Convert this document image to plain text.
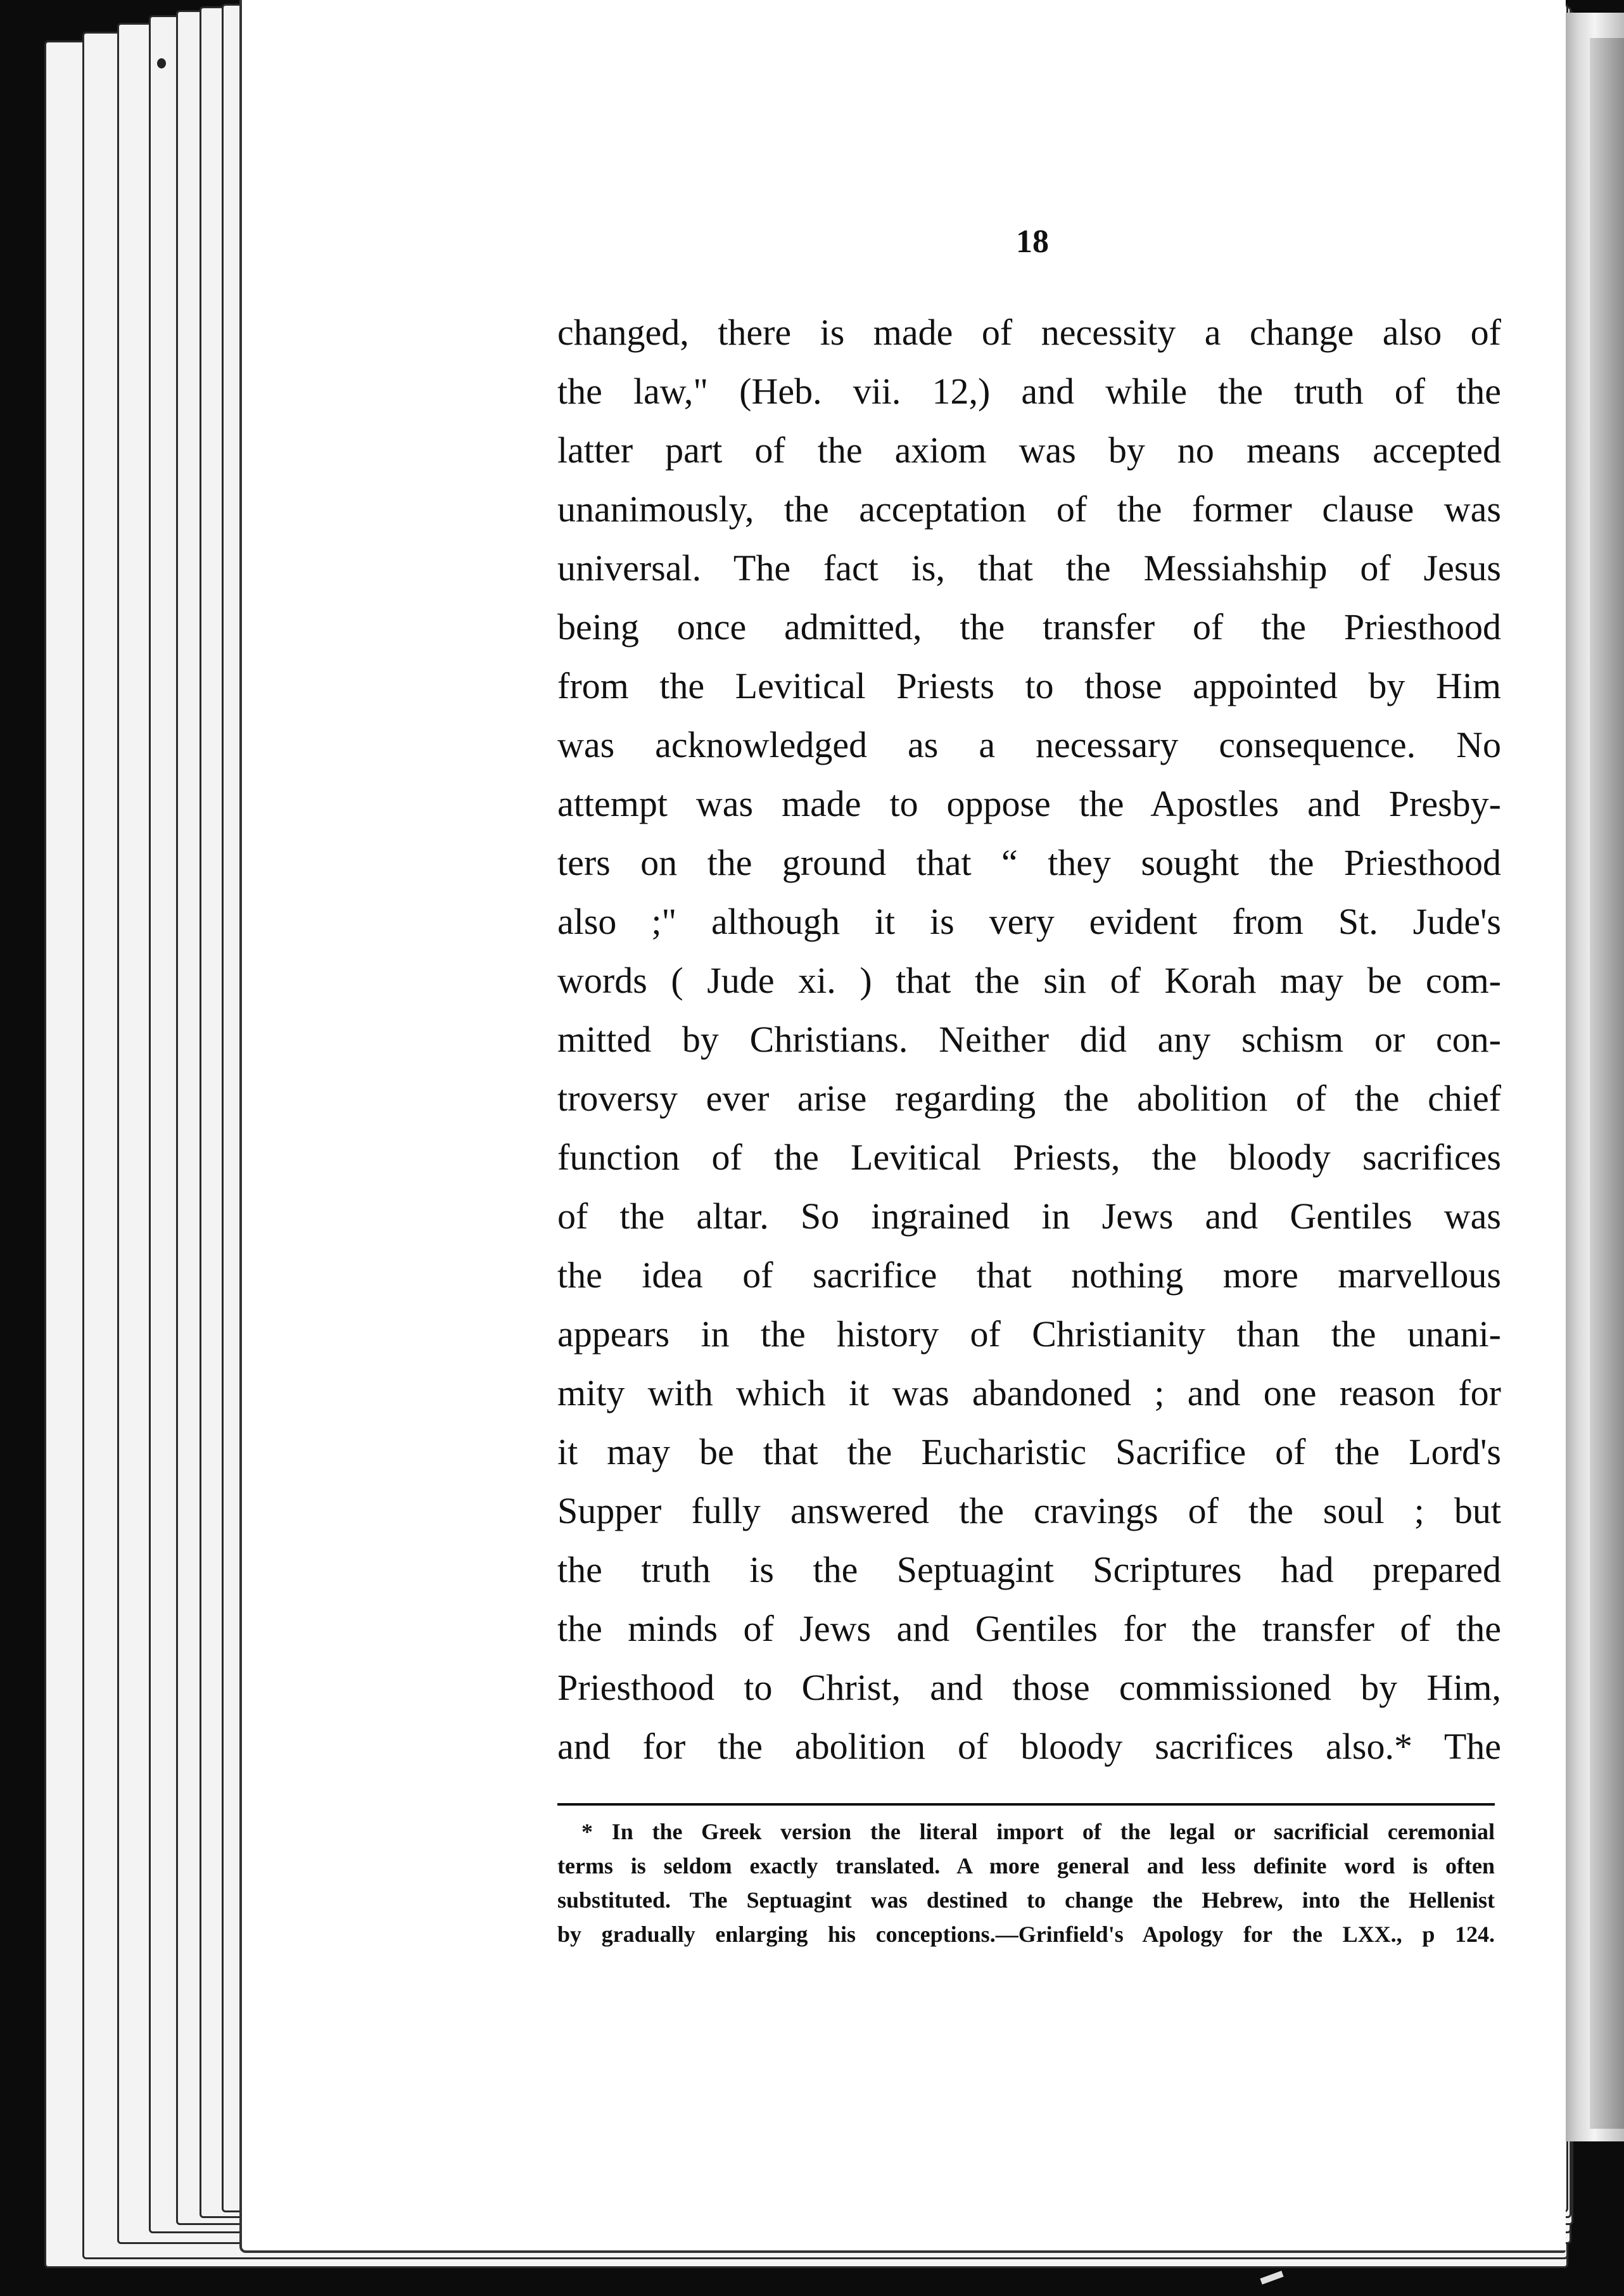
18
changed, there is made of necessity a change also of
the law," (Heb. vii. 12,) and while the truth of the
latter part of the axiom was by no means accepted
unanimously, the acceptation of the former clause was
universal. The fact is, that the Messiahship of Jesus
being once admitted, the transfer of the Priesthood
from the Levitical Priests to those appointed by Him
was acknowledged as a necessary consequence. No
attempt was made to oppose the Apostles and Presby-
ters on the ground that “ they sought the Priesthood
also ;" although it is very evident from St. Jude's
words ( Jude xi. ) that the sin of Korah may be com-
mitted by Christians. Neither did any schism or con-
troversy ever arise regarding the abolition of the chief
function of the Levitical Priests, the bloody sacrifices
of the altar. So ingrained in Jews and Gentiles was
the idea of sacrifice that nothing more marvellous
appears in the history of Christianity than the unani-
mity with which it was abandoned ; and one reason for
it may be that the Eucharistic Sacrifice of the Lord's
Supper fully answered the cravings of the soul ; but
the truth is the Septuagint Scriptures had prepared
the minds of Jews and Gentiles for the transfer of the
Priesthood to Christ, and those commissioned by Him,
and for the abolition of bloody sacrifices also.* The
* In the Greek version the literal import of the legal or sacrificial ceremonial
terms is seldom exactly translated. A more general and less definite word is often
substituted. The Septuagint was destined to change the Hebrew, into the Hellenist
by gradually enlarging his conceptions.—Grinfield's Apology for the LXX., p 124.
